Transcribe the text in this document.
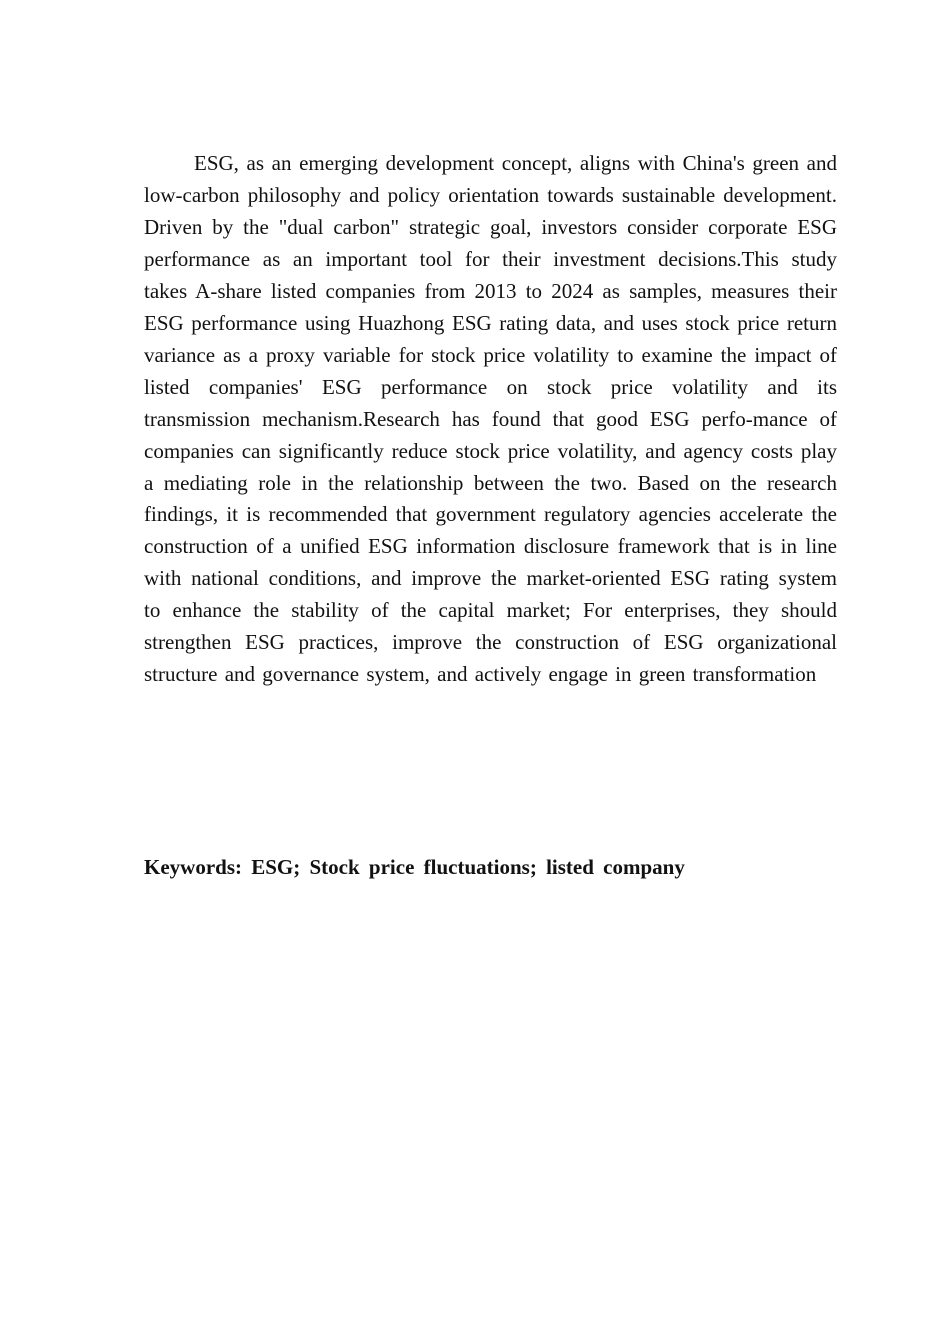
ESG, as an emerging development concept, aligns with China's green and low-carbon philosophy and policy orientation towards sustainable development. Driven by the "dual carbon" strategic goal, investors consider corporate ESG performance as an important tool for their investment decisions.This study takes A-share listed companies from 2013 to 2024 as samples, measures their ESG performance using Huazhong ESG rating data, and uses stock price return variance as a proxy variable for stock price volatility to examine the impact of listed companies' ESG performance on stock price volatility and its transmission mechanism.Research has found that good ESG perfo-mance of companies can significantly reduce stock price volatility, and agency costs play a mediating role in the relationship between the two. Based on the research findings, it is recommended that government regulatory agencies accelerate the construction of a unified ESG information disclosure framework that is in line with national conditions, and improve the market-oriented ESG rating system to enhance the stability of the capital market; For enterprises, they should strengthen ESG practices, improve the construction of ESG organizational structure and governance system, and actively engage in green transformation

Keywords: ESG; Stock price fluctuations; listed company
